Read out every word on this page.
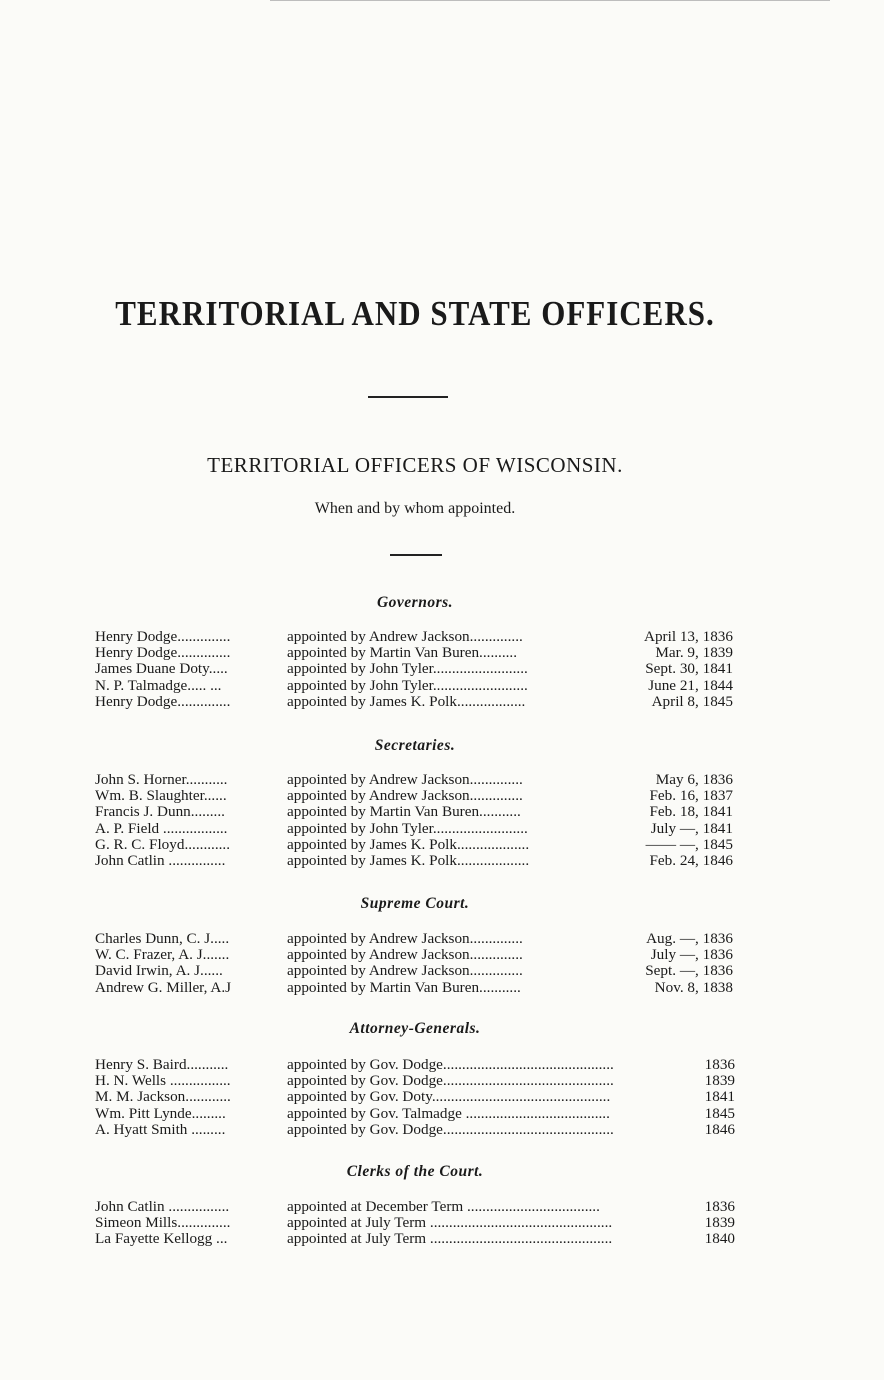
TERRITORIAL AND STATE OFFICERS.
TERRITORIAL OFFICERS OF WISCONSIN.
When and by whom appointed.
Governors.
Henry Dodge..............	appointed by Andrew Jackson..............	April 13, 1836
Henry Dodge..............	appointed by Martin Van Buren..........	Mar. 9, 1839
James Duane Doty.....	appointed by John Tyler.........................	Sept. 30, 1841
N. P. Talmadge..... ...	appointed by John Tyler.........................	June 21, 1844
Henry Dodge..............	appointed by James K. Polk..................	April 8, 1845
Secretaries.
John S. Horner...........	appointed by Andrew Jackson..............	May 6, 1836
Wm. B. Slaughter......	appointed by Andrew Jackson..............	Feb. 16, 1837
Francis J. Dunn.........	appointed by Martin Van Buren...........	Feb. 18, 1841
A. P. Field .................	appointed by John Tyler.........................	July —, 1841
G. R. C. Floyd............	appointed by James K. Polk...................	—— —, 1845
John Catlin ...............	appointed by James K. Polk...................	Feb. 24, 1846
Supreme Court.
Charles Dunn, C. J.....	appointed by Andrew Jackson..............	Aug. —, 1836
W. C. Frazer, A. J.......	appointed by Andrew Jackson..............	July —, 1836
David Irwin, A. J......	appointed by Andrew Jackson..............	Sept. —, 1836
Andrew G. Miller, A.J	appointed by Martin Van Buren...........	Nov. 8, 1838
Attorney-Generals.
Henry S. Baird...........	appointed by Gov. Dodge.............................................	1836
H. N. Wells ................	appointed by Gov. Dodge.............................................	1839
M. M. Jackson............	appointed by Gov. Doty...............................................	1841
Wm. Pitt Lynde.........	appointed by Gov. Talmadge ......................................	1845
A. Hyatt Smith .........	appointed by Gov. Dodge.............................................	1846
Clerks of the Court.
John Catlin ................	appointed at December Term ...................................	1836
Simeon Mills..............	appointed at July Term ................................................	1839
La Fayette Kellogg ...	appointed at July Term ................................................	1840
